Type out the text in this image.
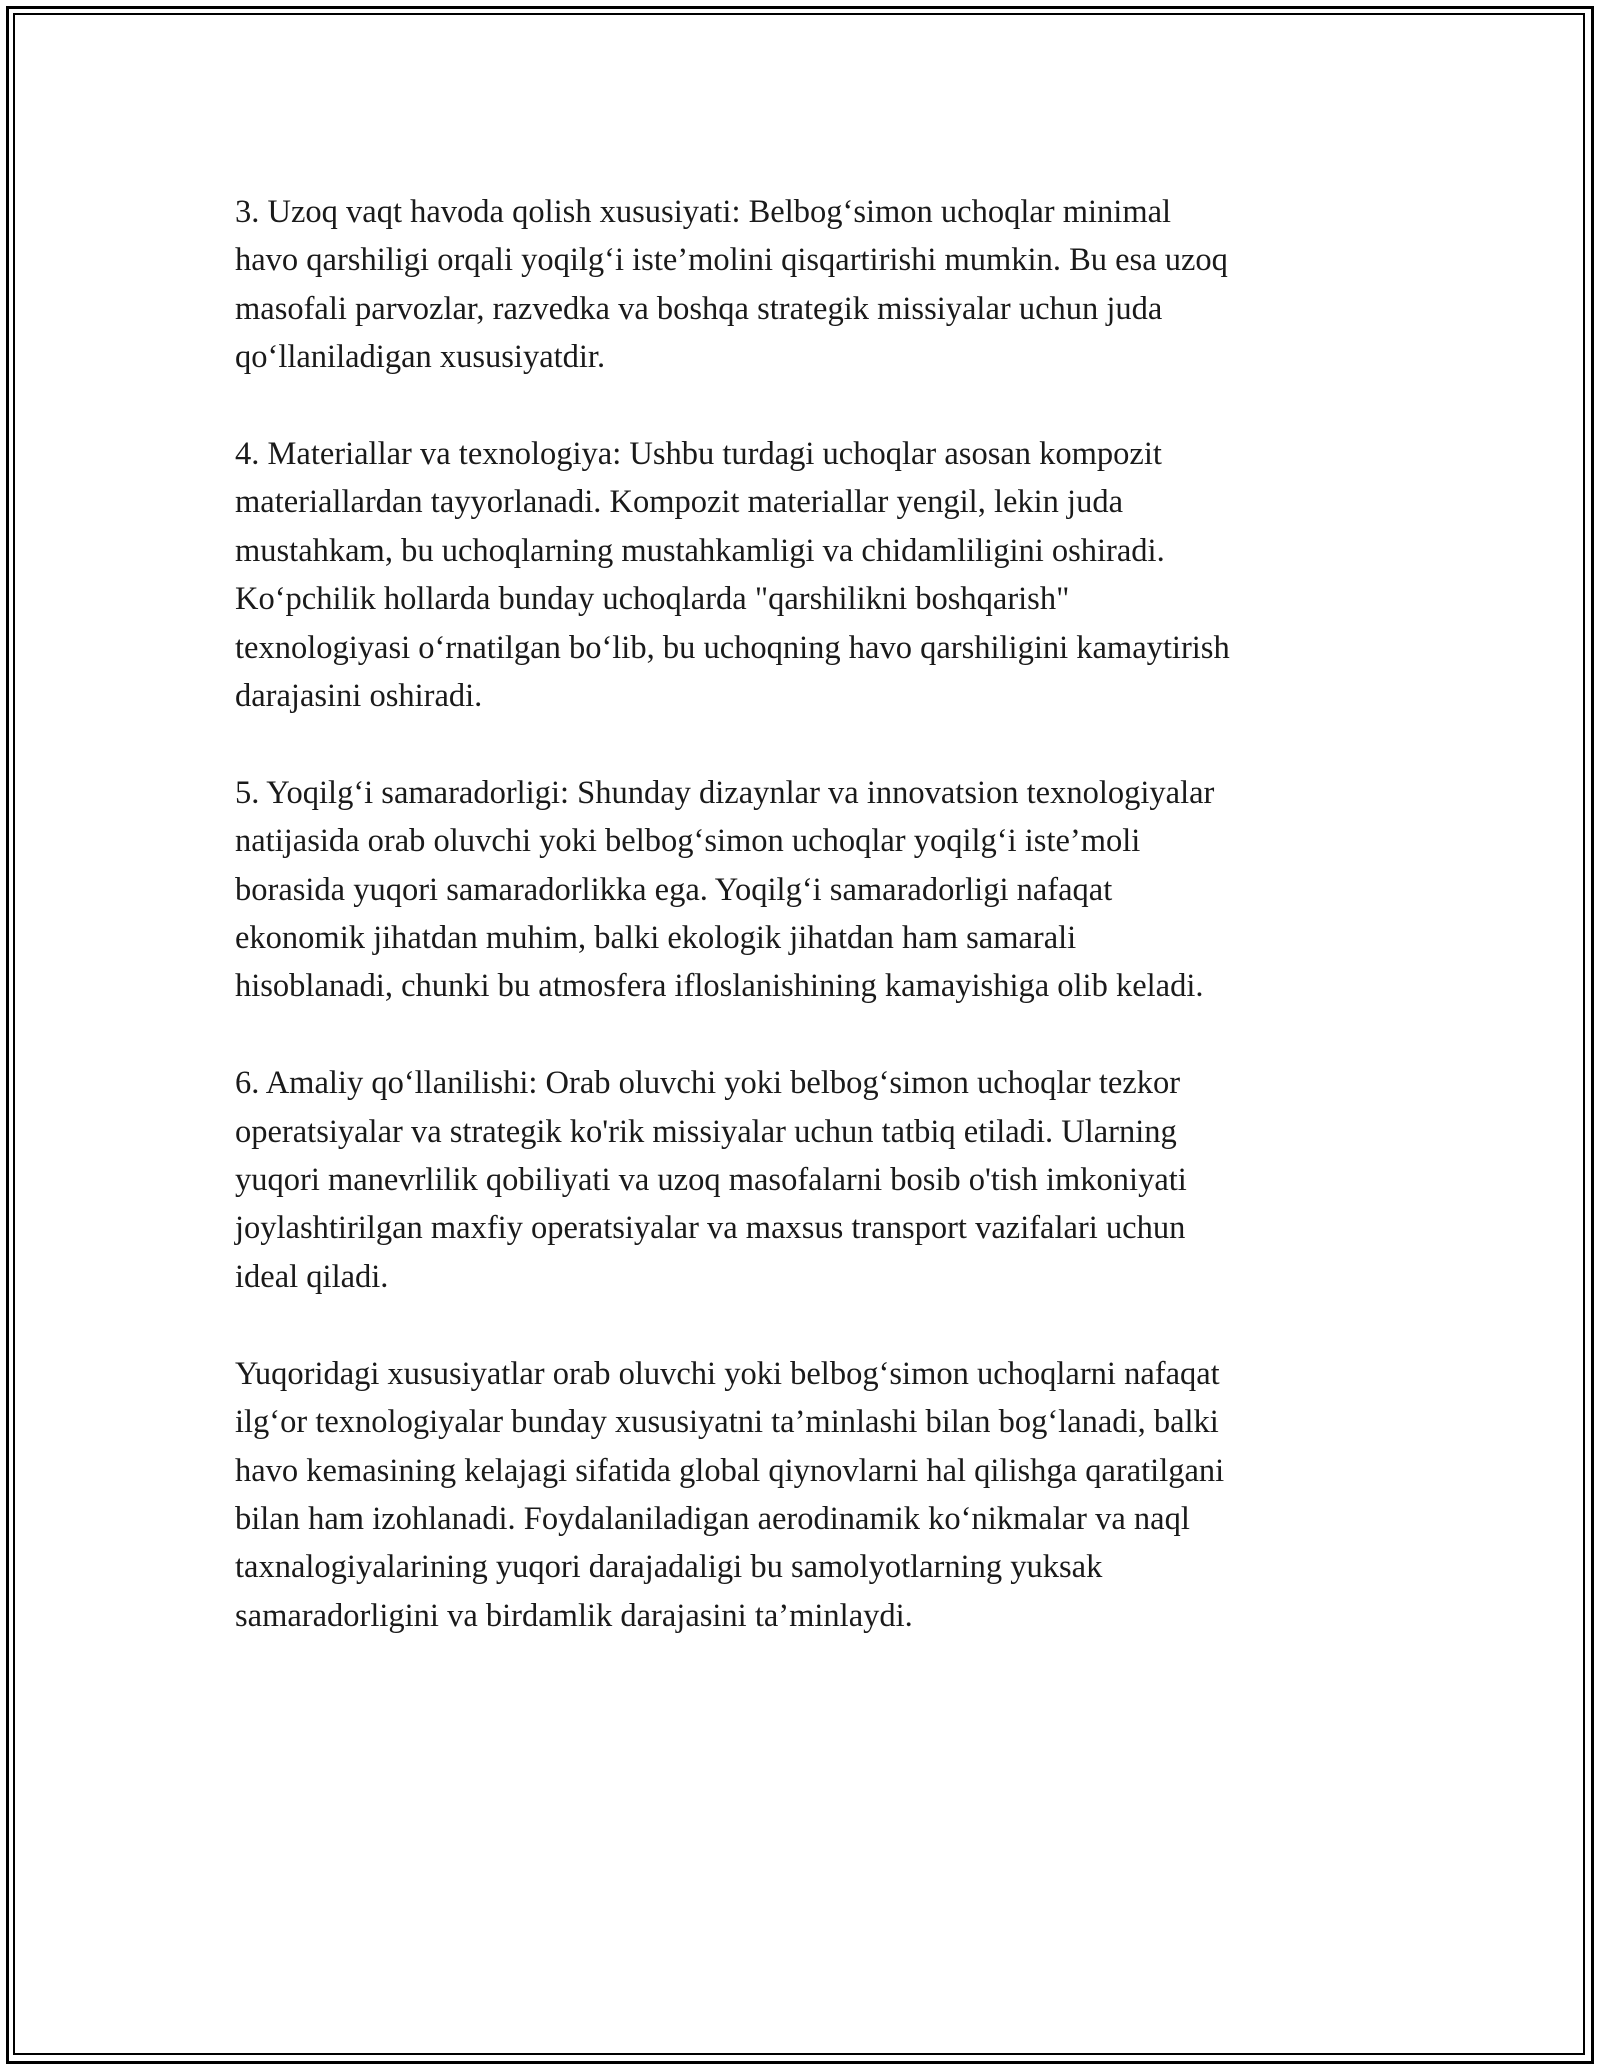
3. Uzoq vaqt havoda qolish xususiyati: Belbog‘simon uchoqlar minimal
havo qarshiligi orqali yoqilg‘i iste’molini qisqartirishi mumkin. Bu esa uzoq
masofali parvozlar, razvedka va boshqa strategik missiyalar uchun juda
qo‘llaniladigan xususiyatdir.

4. Materiallar va texnologiya: Ushbu turdagi uchoqlar asosan kompozit
materiallardan tayyorlanadi. Kompozit materiallar yengil, lekin juda
mustahkam, bu uchoqlarning mustahkamligi va chidamliligini oshiradi.
Ko‘pchilik hollarda bunday uchoqlarda "qarshilikni boshqarish"
texnologiyasi o‘rnatilgan bo‘lib, bu uchoqning havo qarshiligini kamaytirish
darajasini oshiradi.

5. Yoqilg‘i samaradorligi: Shunday dizaynlar va innovatsion texnologiyalar
natijasida orab oluvchi yoki belbog‘simon uchoqlar yoqilg‘i iste’moli
borasida yuqori samaradorlikka ega. Yoqilg‘i samaradorligi nafaqat
ekonomik jihatdan muhim, balki ekologik jihatdan ham samarali
hisoblanadi, chunki bu atmosfera ifloslanishining kamayishiga olib keladi.

6. Amaliy qo‘llanilishi: Orab oluvchi yoki belbog‘simon uchoqlar tezkor
operatsiyalar va strategik ko'rik missiyalar uchun tatbiq etiladi. Ularning
yuqori manevrlilik qobiliyati va uzoq masofalarni bosib o'tish imkoniyati
joylashtirilgan maxfiy operatsiyalar va maxsus transport vazifalari uchun
ideal qiladi.

Yuqoridagi xususiyatlar orab oluvchi yoki belbog‘simon uchoqlarni nafaqat
ilg‘or texnologiyalar bunday xususiyatni ta’minlashi bilan bog‘lanadi, balki
havo kemasining kelajagi sifatida global qiynovlarni hal qilishga qaratilgani
bilan ham izohlanadi. Foydalaniladigan aerodinamik ko‘nikmalar va naql
taxnalogiyalarining yuqori darajadaligi bu samolyotlarning yuksak
samaradorligini va birdamlik darajasini ta’minlaydi.
